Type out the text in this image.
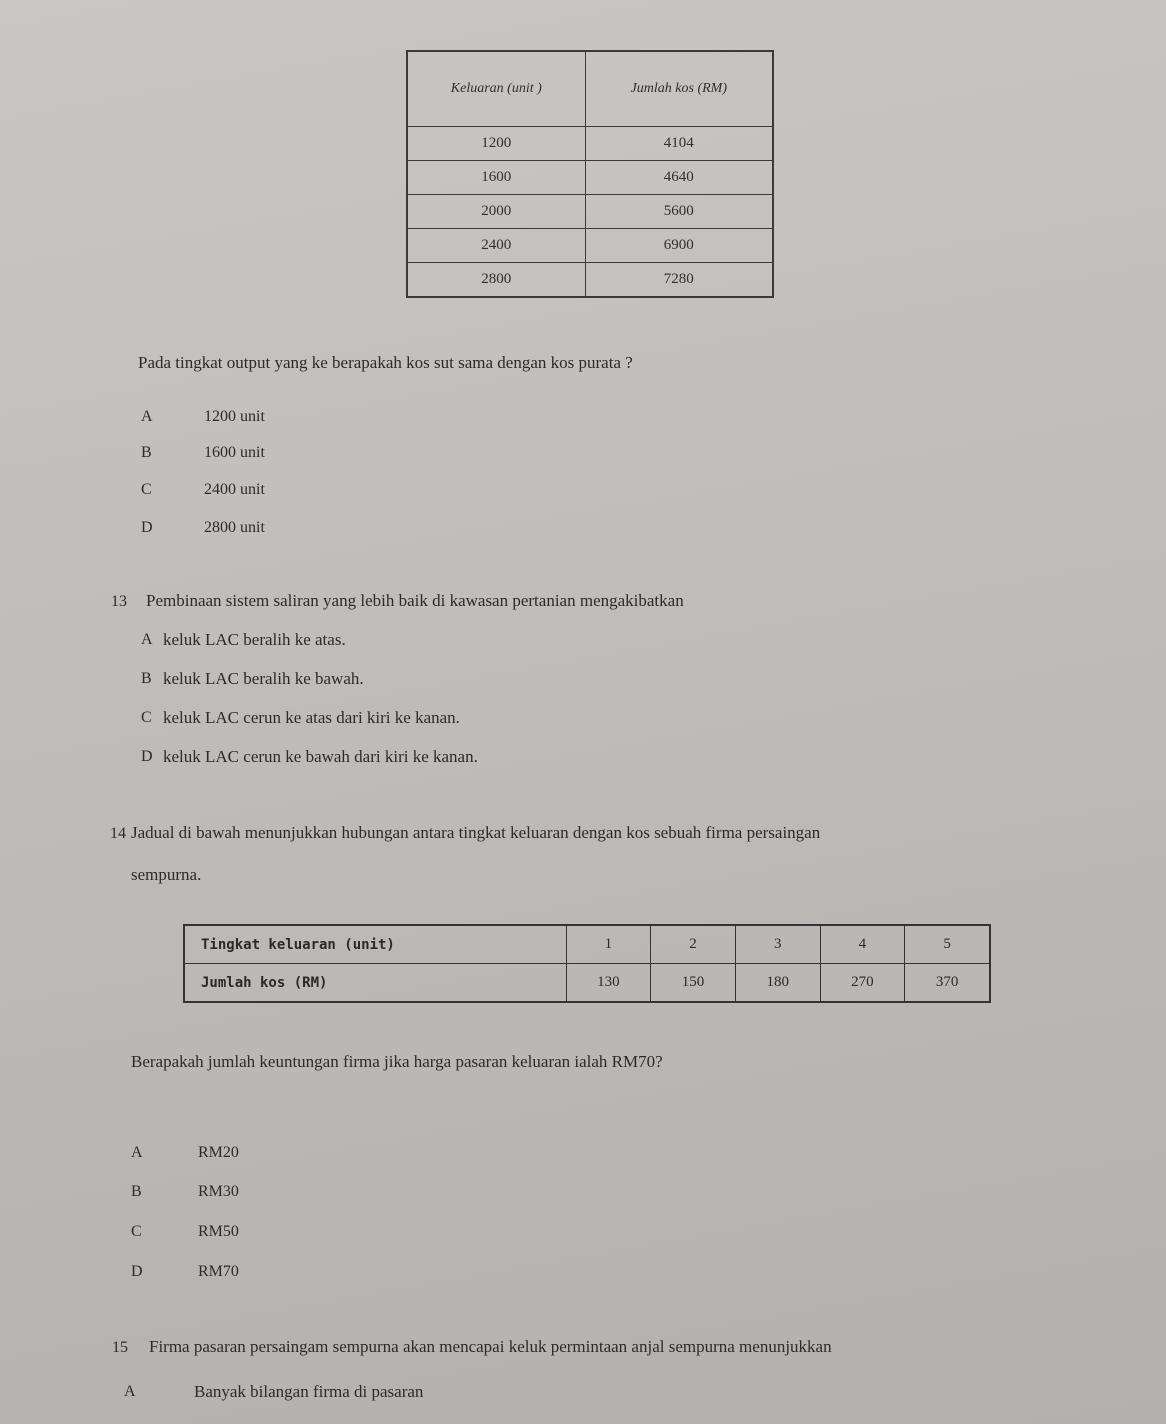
Keluaran (unit )	Jumlah kos (RM)
1200	4104
1600	4640
2000	5600
2400	6900
2800	7280
Pada tingkat output yang ke berapakah kos sut sama dengan kos purata ?
A	1200 unit
B	1600 unit
C	2400 unit
D	2800 unit
13 Pembinaan sistem saliran yang lebih baik di kawasan pertanian mengakibatkan
A keluk LAC beralih ke atas.
B keluk LAC beralih ke bawah.
C keluk LAC cerun ke atas dari kiri ke kanan.
D keluk LAC cerun ke bawah dari kiri ke kanan.
14 Jadual di bawah menunjukkan hubungan antara tingkat keluaran dengan kos sebuah firma persaingan
sempurna.
Tingkat keluaran (unit)	1	2	3	4	5
Jumlah kos (RM)	130	150	180	270	370
Berapakah jumlah keuntungan firma jika harga pasaran keluaran ialah RM70?
A	RM20
B	RM30
C	RM50
D	RM70
15 Firma pasaran persaingam sempurna akan mencapai keluk permintaan anjal sempurna menunjukkan
A	Banyak bilangan firma di pasaran
